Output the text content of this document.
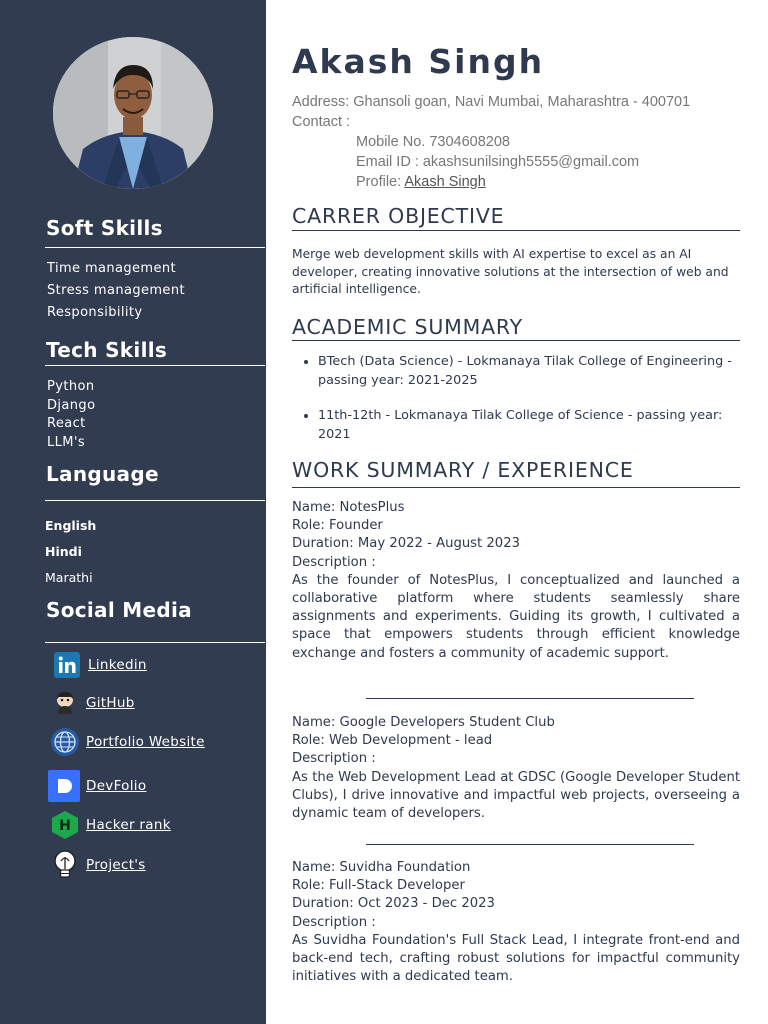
Soft Skills
Time management
Stress management
Responsibility
Tech Skills
Python
Django
React
LLM's
Language
English
Hindi
Marathi
Social Media
Linkedin
GitHub
Portfolio Website
DevFolio
H Hacker rank
Project's
Akash Singh
Address: Ghansoli goan, Navi Mumbai, Maharashtra - 400701
Contact :
Mobile No. 7304608208
Email ID : akashsunilsingh5555@gmail.com
Profile: Akash Singh
CARRER OBJECTIVE
Merge web development skills with AI expertise to excel as an AI developer, creating innovative solutions at the intersection of web and artificial intelligence.
ACADEMIC SUMMARY
• BTech (Data Science) - Lokmanaya Tilak College of Engineering - passing year: 2021-2025
• 11th-12th - Lokmanaya Tilak College of Science - passing year: 2021
WORK SUMMARY / EXPERIENCE
Name: NotesPlus
Role: Founder
Duration: May 2022 - August 2023
Description :
As the founder of NotesPlus, I conceptualized and launched a collaborative platform where students seamlessly share assignments and experiments. Guiding its growth, I cultivated a space that empowers students through efficient knowledge exchange and fosters a community of academic support.
Name: Google Developers Student Club
Role: Web Development - lead
Description :
As the Web Development Lead at GDSC (Google Developer Student Clubs), I drive innovative and impactful web projects, overseeing a dynamic team of developers.
Name: Suvidha Foundation
Role: Full-Stack Developer
Duration: Oct 2023 - Dec 2023
Description :
As Suvidha Foundation's Full Stack Lead, I integrate front-end and back-end tech, crafting robust solutions for impactful community initiatives with a dedicated team.
